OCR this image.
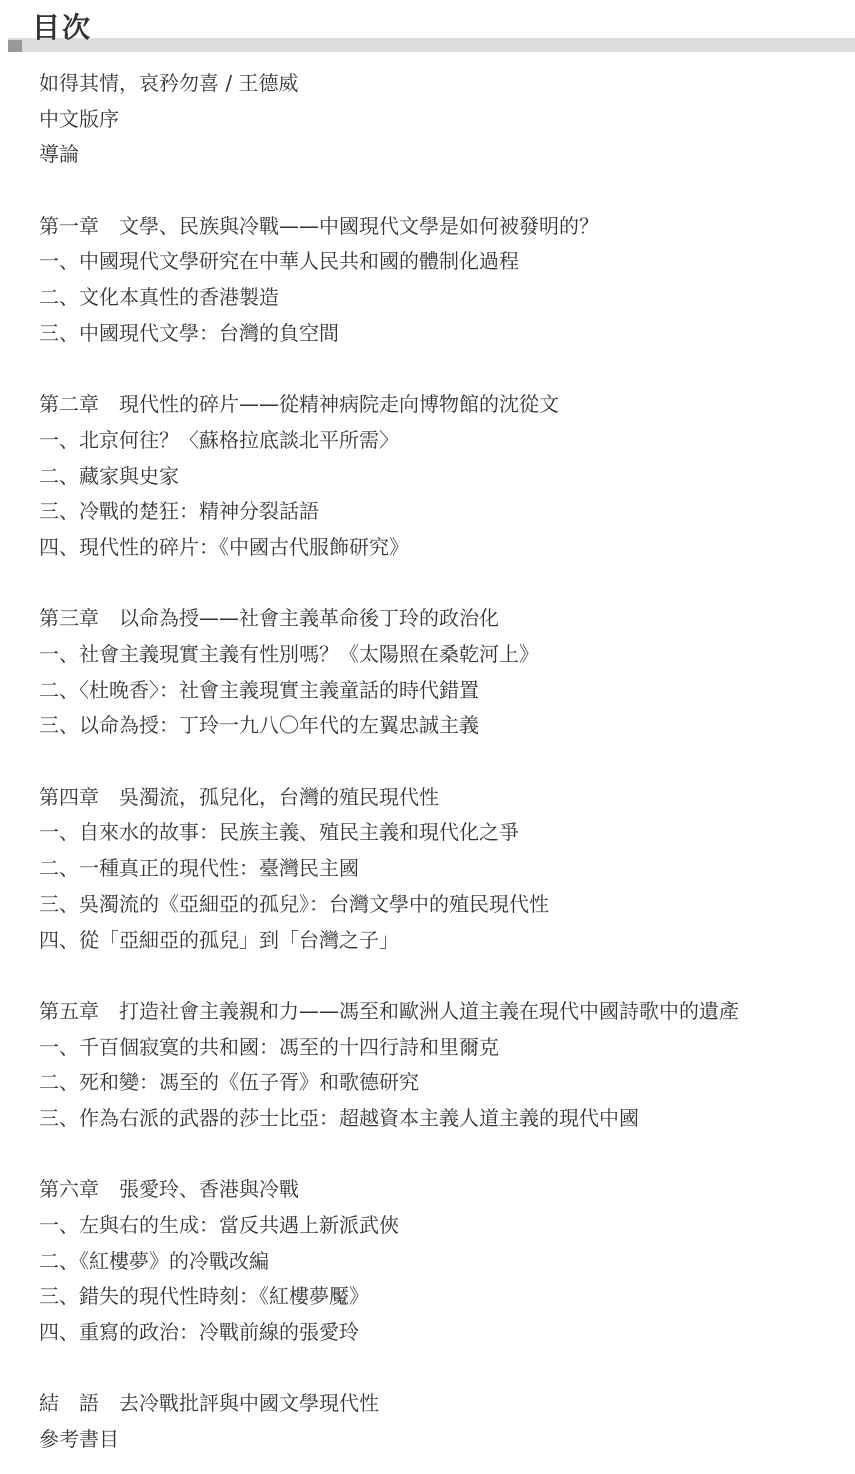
目次
如得其情，哀矜勿喜 / 王德威
中文版序
導論
第一章　文學、民族與冷戰——中國現代文學是如何被發明的？
一、中國現代文學研究在中華人民共和國的體制化過程
二、文化本真性的香港製造
三、中國現代文學：台灣的負空間
第二章　現代性的碎片——從精神病院走向博物館的沈從文
一、北京何往？〈蘇格拉底談北平所需〉
二、藏家與史家
三、冷戰的楚狂：精神分裂話語
四、現代性的碎片：《中國古代服飾研究》
第三章　以命為授——社會主義革命後丁玲的政治化
一、社會主義現實主義有性別嗎？《太陽照在桑乾河上》
二、〈杜晚香〉：社會主義現實主義童話的時代錯置
三、以命為授：丁玲一九八〇年代的左翼忠誠主義
第四章　吳濁流，孤兒化，台灣的殖民現代性
一、自來水的故事：民族主義、殖民主義和現代化之爭
二、一種真正的現代性：臺灣民主國
三、吳濁流的《亞細亞的孤兒》：台灣文學中的殖民現代性
四、從「亞細亞的孤兒」到「台灣之子」
第五章　打造社會主義親和力——馮至和歐洲人道主義在現代中國詩歌中的遺產
一、千百個寂寞的共和國：馮至的十四行詩和里爾克
二、死和變：馮至的《伍子胥》和歌德研究
三、作為右派的武器的莎士比亞：超越資本主義人道主義的現代中國
第六章　張愛玲、香港與冷戰
一、左與右的生成：當反共遇上新派武俠
二、《紅樓夢》的冷戰改編
三、錯失的現代性時刻：《紅樓夢魘》
四、重寫的政治：冷戰前線的張愛玲
結　語　去冷戰批評與中國文學現代性
參考書目
